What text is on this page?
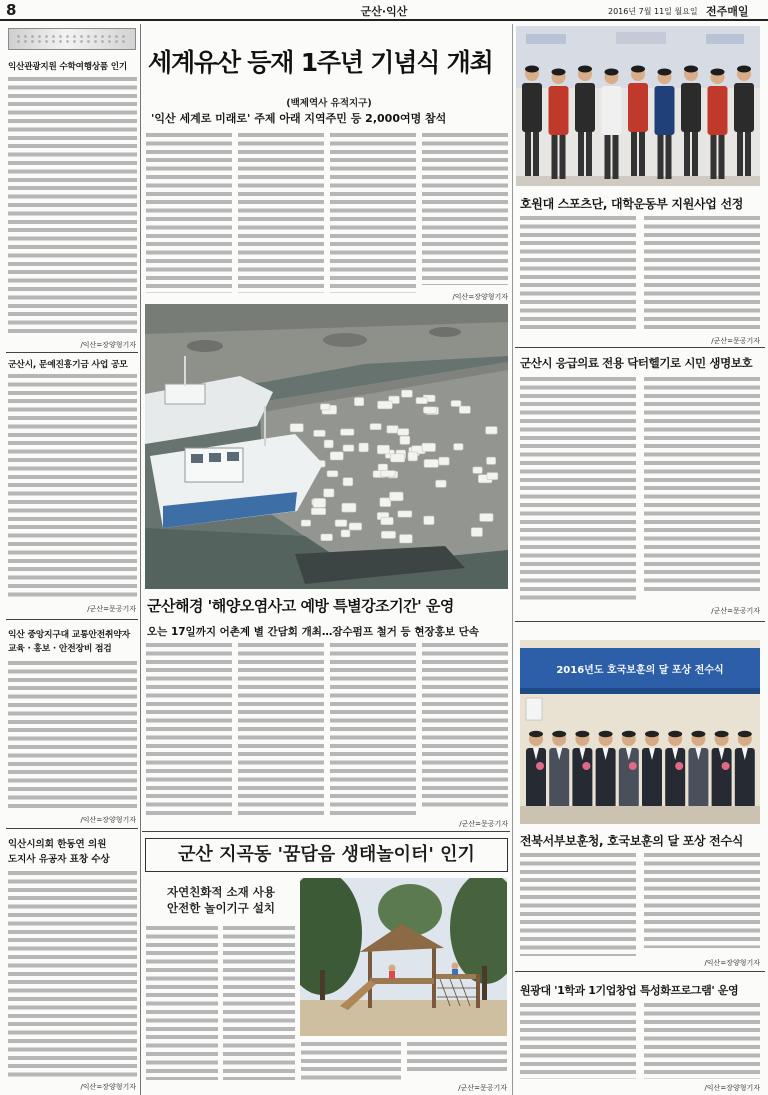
8	군산·익산	2016년 7월 11일 월요일 전주매일
익산관광지원 수학여행상품 인기
/익산=장양형기자
군산시, 문예진흥기금 사업 공모
/군산=문공기자
익산 중앙지구대 교통안전취약자
교육 · 홍보 · 안전장비 점검
/익산=장양형기자
익산시의회 한동연 의원
도지사 유공자 표창 수상
/익산=장양형기자
세계유산 등재 1주년 기념식 개최
(백제역사 유적지구)
'익산 세계로 미래로' 주제 아래 지역주민 등 2,000여명 참석
/익산=장양형기자
호원대 스포츠단, 대학운동부 지원사업 선정
/군산=문공기자
군산시 응급의료 전용 닥터헬기로 시민 생명보호
/군산=문공기자
2016년도 호국보훈의 달 포상 전수식
전북서부보훈청, 호국보훈의 달 포상 전수식
/익산=장양형기자
원광대 '1학과 1기업창업 특성화프로그램' 운영
/익산=장양형기자
군산해경 '해양오염사고 예방 특별강조기간' 운영
오는 17일까지 어촌계 별 간담회 개최…잠수펌프 철거 등 현장홍보 단속
/군산=문공기자
군산 지곡동 '꿈담음 생태놀이터' 인기
자연친화적 소재 사용
안전한 놀이기구 설치
/군산=문공기자
